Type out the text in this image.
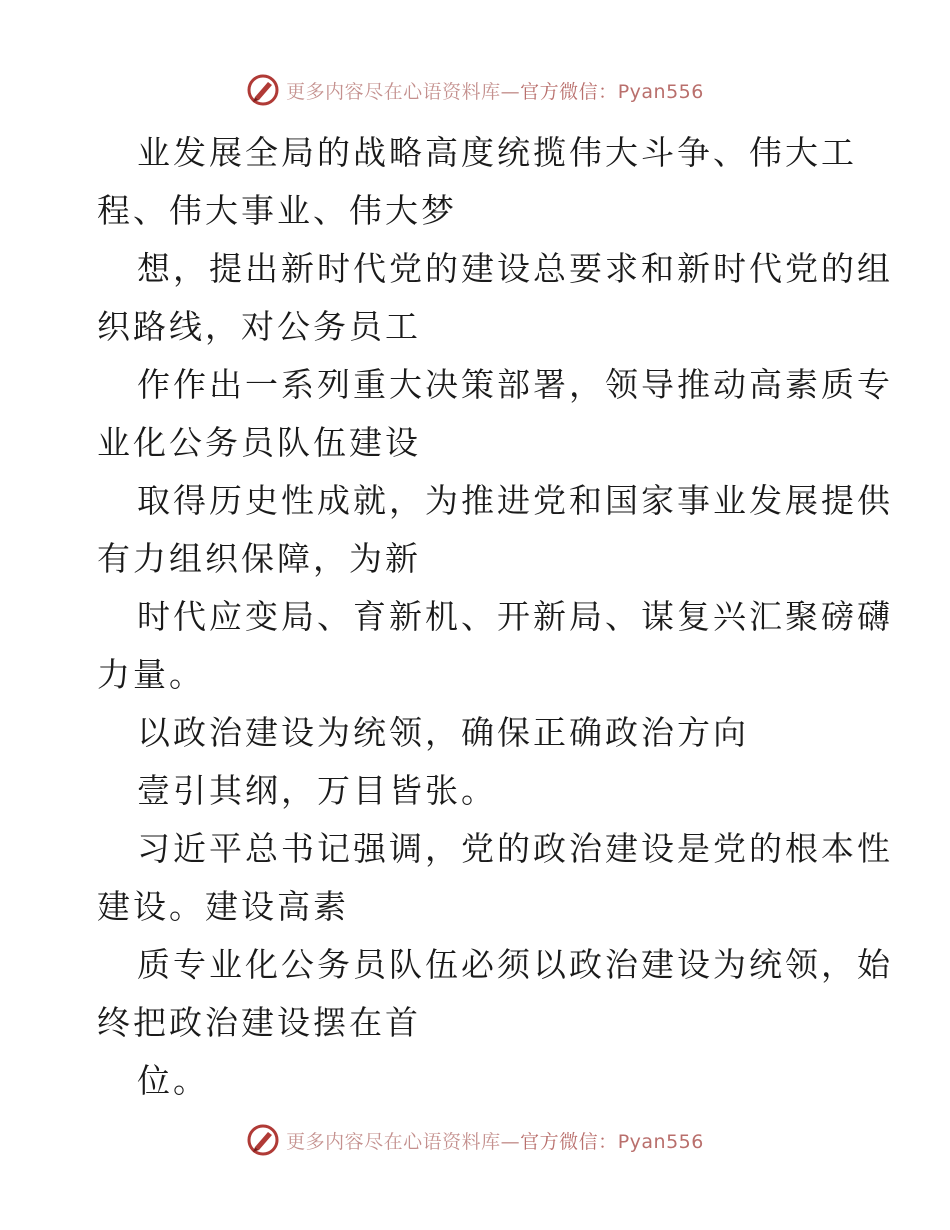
更多内容尽在心语资料库—官方微信：Pyan556
业发展全局的战略高度统揽伟大斗争、伟大工
程、伟大事业、伟大梦
想，提出新时代党的建设总要求和新时代党的组
织路线，对公务员工
作作出一系列重大决策部署，领导推动高素质专
业化公务员队伍建设
取得历史性成就，为推进党和国家事业发展提供
有力组织保障，为新
时代应变局、育新机、开新局、谋复兴汇聚磅礴
力量。
以政治建设为统领，确保正确政治方向
壹引其纲，万目皆张。
习近平总书记强调，党的政治建设是党的根本性
建设。建设高素
质专业化公务员队伍必须以政治建设为统领，始
终把政治建设摆在首
位。
更多内容尽在心语资料库—官方微信：Pyan556
